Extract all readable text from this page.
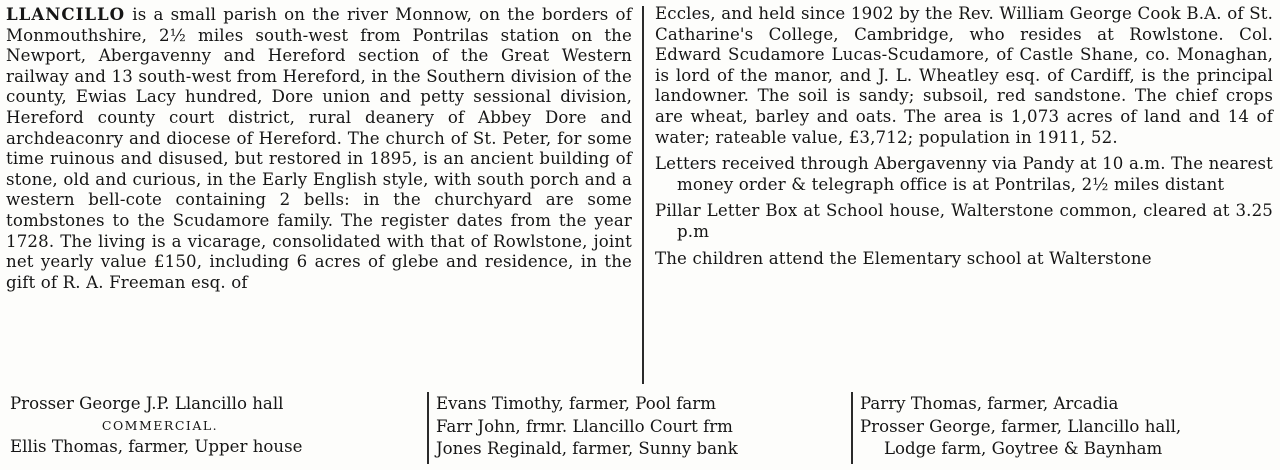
LLANCILLO is a small parish on the river Monnow, on the borders of Monmouthshire, 2½ miles south-west from Pontrilas station on the Newport, Abergavenny and Hereford section of the Great Western railway and 13 south-west from Hereford, in the Southern division of the county, Ewias Lacy hundred, Dore union and petty sessional division, Hereford county court district, rural deanery of Abbey Dore and archdeaconry and diocese of Hereford. The church of St. Peter, for some time ruinous and disused, but restored in 1895, is an ancient building of stone, old and curious, in the Early English style, with south porch and a western bell-cote containing 2 bells: in the churchyard are some tombstones to the Scudamore family. The register dates from the year 1728. The living is a vicarage, consolidated with that of Rowlstone, joint net yearly value £150, including 6 acres of glebe and residence, in the gift of R. A. Freeman esq. of

Eccles, and held since 1902 by the Rev. William George Cook B.A. of St. Catharine's College, Cambridge, who resides at Rowlstone. Col. Edward Scudamore Lucas-Scudamore, of Castle Shane, co. Monaghan, is lord of the manor, and J. L. Wheatley esq. of Cardiff, is the principal landowner. The soil is sandy; subsoil, red sandstone. The chief crops are wheat, barley and oats. The area is 1,073 acres of land and 14 of water; rateable value, £3,712; population in 1911, 52.

Letters received through Abergavenny via Pandy at 10 a.m. The nearest money order & telegraph office is at Pontrilas, 2½ miles distant

Pillar Letter Box at School house, Walterstone common, cleared at 3.25 p.m

The children attend the Elementary school at Walterstone

Prosser George J.P. Llancillo hall
COMMERCIAL.
Ellis Thomas, farmer, Upper house
Evans Timothy, farmer, Pool farm
Farr John, frmr. Llancillo Court frm
Jones Reginald, farmer, Sunny bank
Parry Thomas, farmer, Arcadia
Prosser George, farmer, Llancillo hall,
Lodge farm, Goytree & Baynham
